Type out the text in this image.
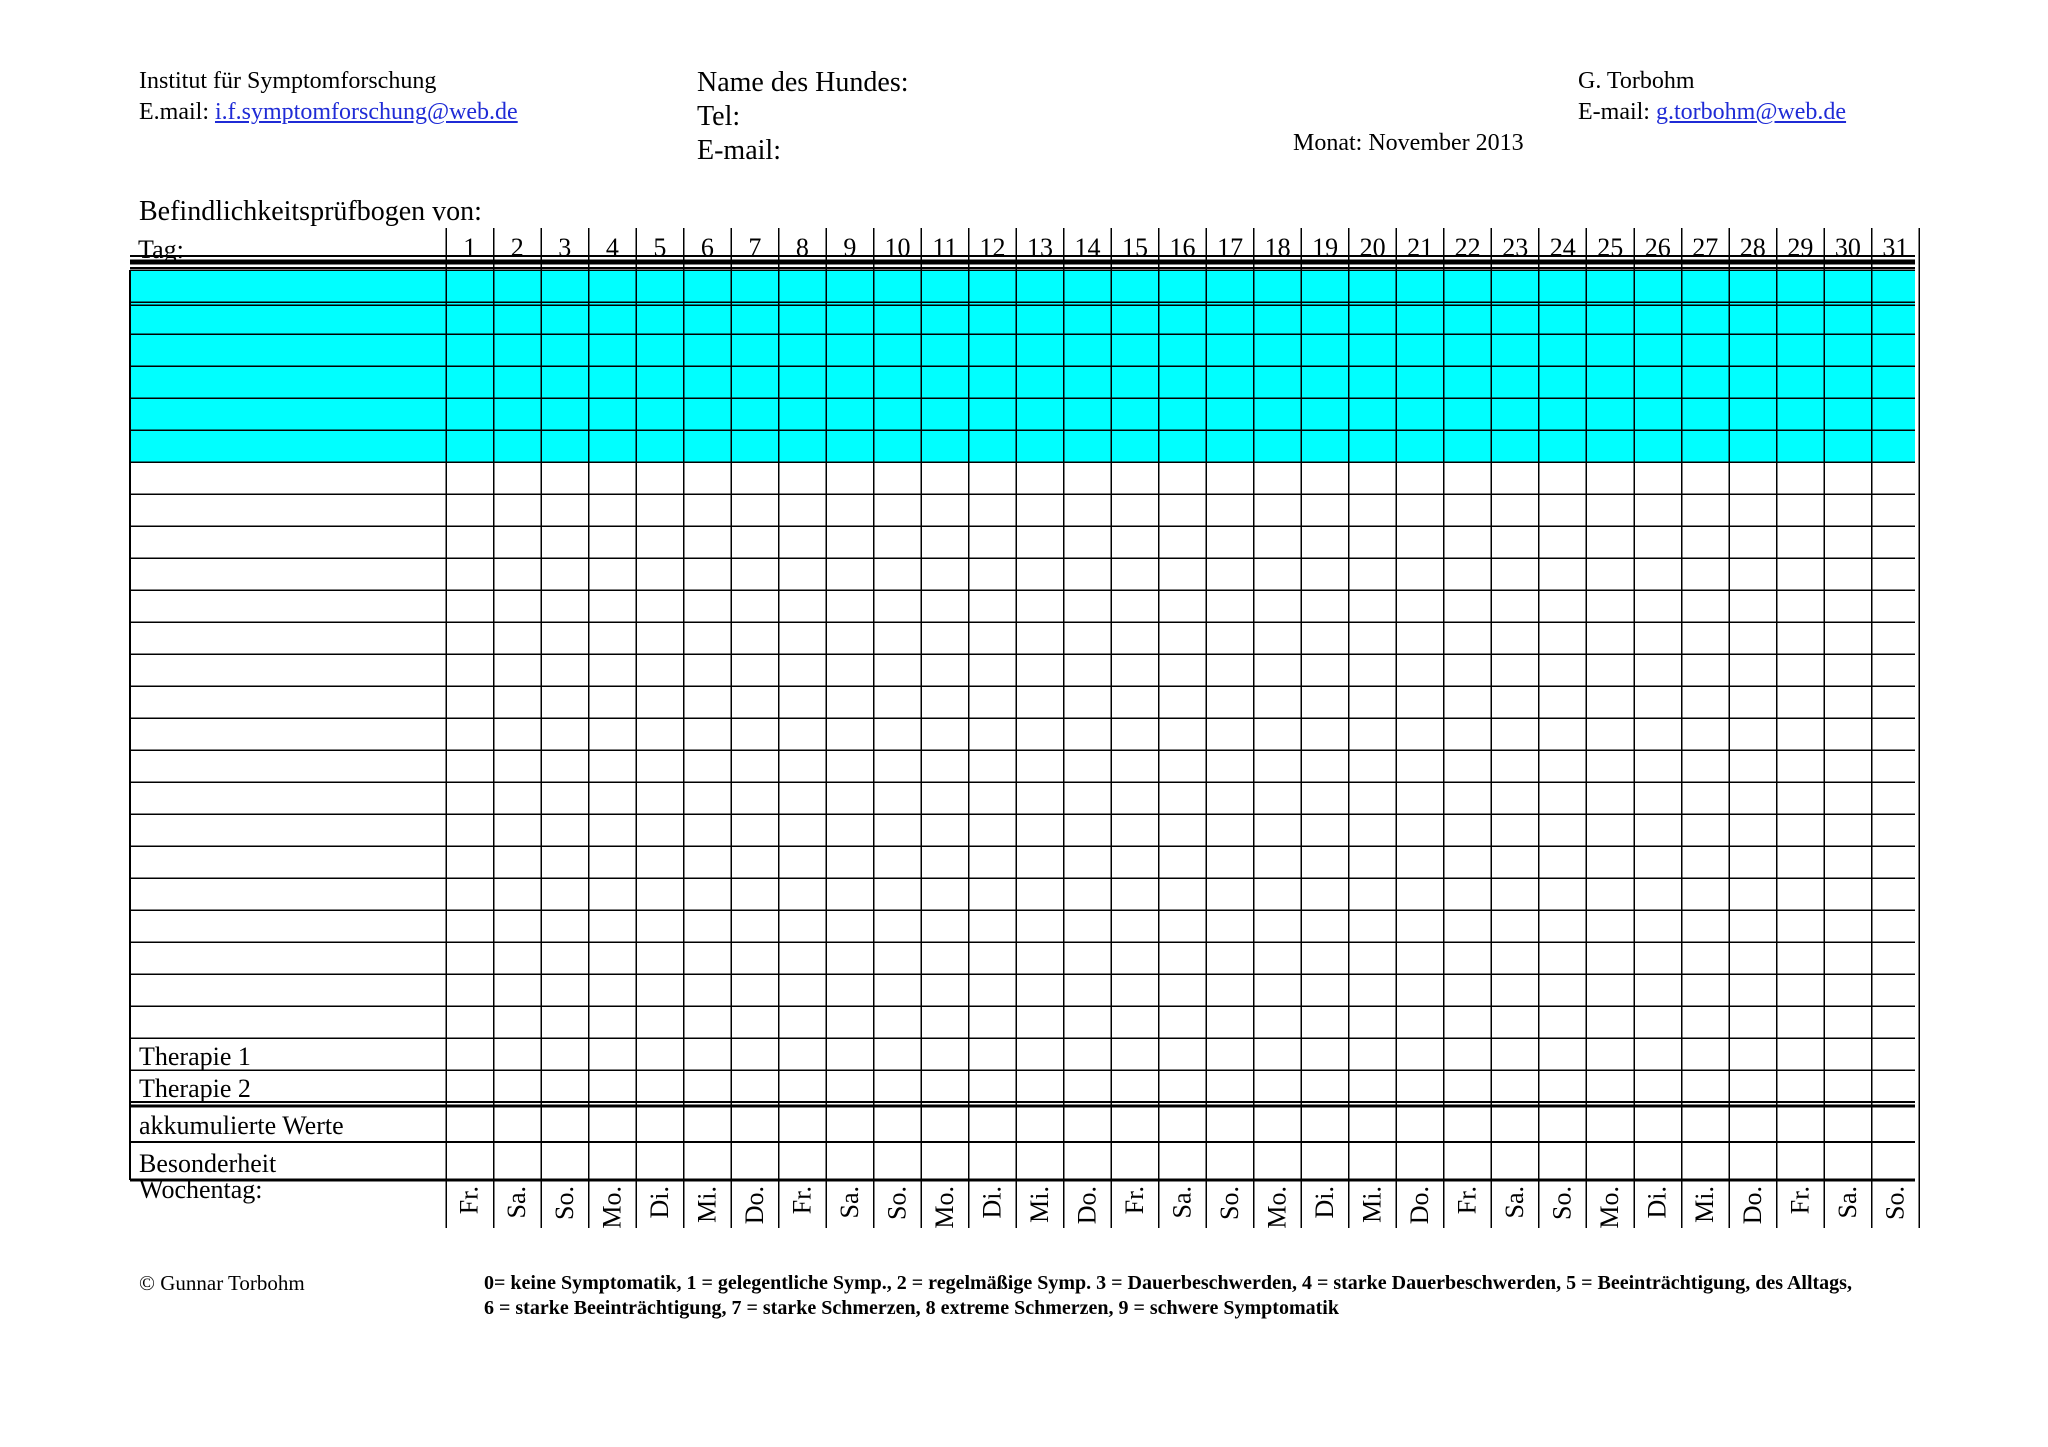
Institut für Symptomforschung
E.mail: i.f.symptomforschung@web.de
Name des Hundes:
Tel:
E-mail:	Monat: November 2013
G. Torbohm
E-mail: g.torbohm@web.de
Befindlichkeitsprüfbogen von:
Tag:	1 2 3 4 5 6 7 8 9 10 11 12 13 14 15 16 17 18 19 20 21 22 23 24 25 26 27 28 29 30 31
Therapie 1
Therapie 2
akkumulierte Werte
Besonderheit
Wochentag:	Fr. Sa. So. Mo. Di. Mi. Do. Fr. Sa. So. Mo. Di. Mi. Do. Fr. Sa. So. Mo. Di. Mi. Do. Fr. Sa. So. Mo. Di. Mi. Do. Fr. Sa. So.
© Gunnar Torbohm	0= keine Symptomatik, 1 = gelegentliche Symp., 2 = regelmäßige Symp. 3 = Dauerbeschwerden, 4 = starke Dauerbeschwerden, 5 = Beeinträchtigung, des Alltags,
6 = starke Beeinträchtigung, 7 = starke Schmerzen, 8 extreme Schmerzen, 9 = schwere Symptomatik
